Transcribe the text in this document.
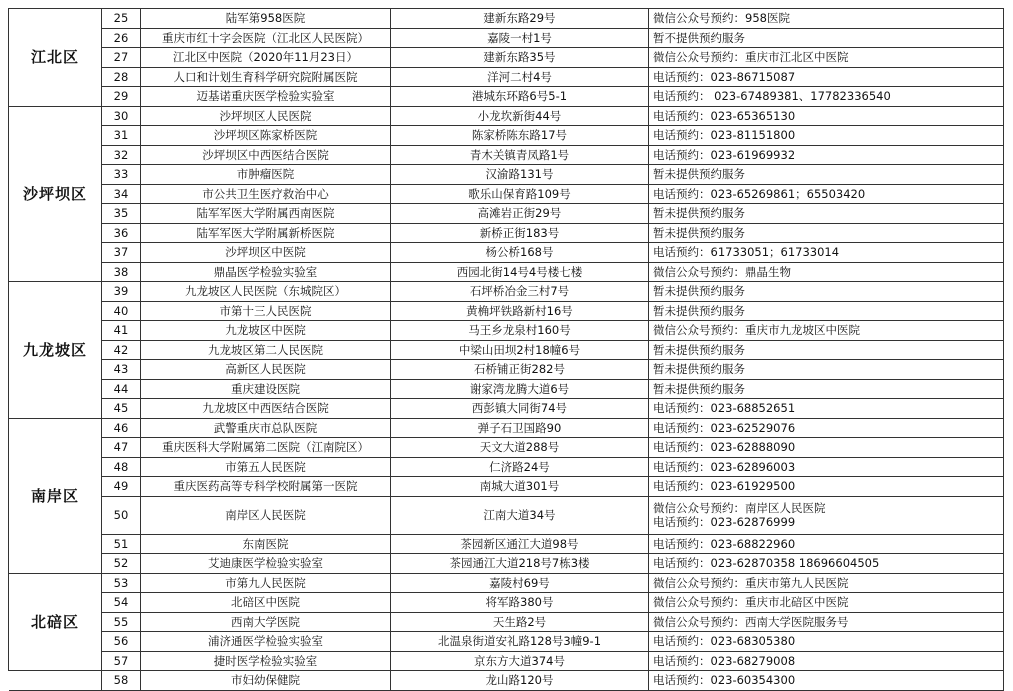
江北区	25	陆军第958医院	建新东路29号	微信公众号预约：958医院

	26	重庆市红十字会医院（江北区人民医院）	嘉陵一村1号	暂不提供预约服务

	27	江北区中医院（2020年11月23日）	建新东路35号	微信公众号预约：重庆市江北区中医院

	28	人口和计划生育科学研究院附属医院	洋河二村4号	电话预约：023-86715087

	29	迈基诺重庆医学检验实验室	港城东环路6号5-1	电话预约： 023-67489381、17782336540

沙坪坝区	30	沙坪坝区人民医院	小龙坎新街44号	电话预约：023-65365130

	31	沙坪坝区陈家桥医院	陈家桥陈东路17号	电话预约：023-81151800

	32	沙坪坝区中西医结合医院	青木关镇青凤路1号	电话预约：023-61969932

	33	市肿瘤医院	汉渝路131号	暂未提供预约服务

	34	市公共卫生医疗救治中心	歌乐山保育路109号	电话预约：023-65269861；65503420

	35	陆军军医大学附属西南医院	高滩岩正街29号	暂未提供预约服务

	36	陆军军医大学附属新桥医院	新桥正街183号	暂未提供预约服务

	37	沙坪坝区中医院	杨公桥168号	电话预约：61733051；61733014

	38	鼎晶医学检验实验室	西园北街14号4号楼七楼	微信公众号预约：鼎晶生物

九龙坡区	39	九龙坡区人民医院（东城院区）	石坪桥冶金三村7号	暂未提供预约服务

	40	市第十三人民医院	黄桷坪铁路新村16号	暂未提供预约服务

	41	九龙坡区中医院	马王乡龙泉村160号	微信公众号预约：重庆市九龙坡区中医院

	42	九龙坡区第二人民医院	中梁山田坝2村18幢6号	暂未提供预约服务

	43	高新区人民医院	石桥铺正街282号	暂未提供预约服务

	44	重庆建设医院	谢家湾龙腾大道6号	暂未提供预约服务

	45	九龙坡区中西医结合医院	西彭镇大同街74号	电话预约：023-68852651

南岸区	46	武警重庆市总队医院	弹子石卫国路90	电话预约：023-62529076

	47	重庆医科大学附属第二医院（江南院区）	天文大道288号	电话预约：023-62888090

	48	市第五人民医院	仁济路24号	电话预约：023-62896003

	49	重庆医药高等专科学校附属第一医院	南城大道301号	电话预约：023-61929500

	50	南岸区人民医院	江南大道34号	微信公众号预约：南岸区人民医院
电话预约：023-62876999

	51	东南医院	茶园新区通江大道98号	电话预约：023-68822960

	52	艾迪康医学检验实验室	茶园通江大道218号7栋3楼	电话预约：023-62870358 18696604505

北碚区	53	市第九人民医院	嘉陵村69号	微信公众号预约：重庆市第九人民医院

	54	北碚区中医院	将军路380号	微信公众号预约：重庆市北碚区中医院

	55	西南大学医院	天生路2号	微信公众号预约：西南大学医院服务号

	56	浦济通医学检验实验室	北温泉街道安礼路128号3幢9-1	电话预约：023-68305380

	57	捷时医学检验实验室	京东方大道374号	电话预约：023-68279008

	58	市妇幼保健院	龙山路120号	电话预约：023-60354300
